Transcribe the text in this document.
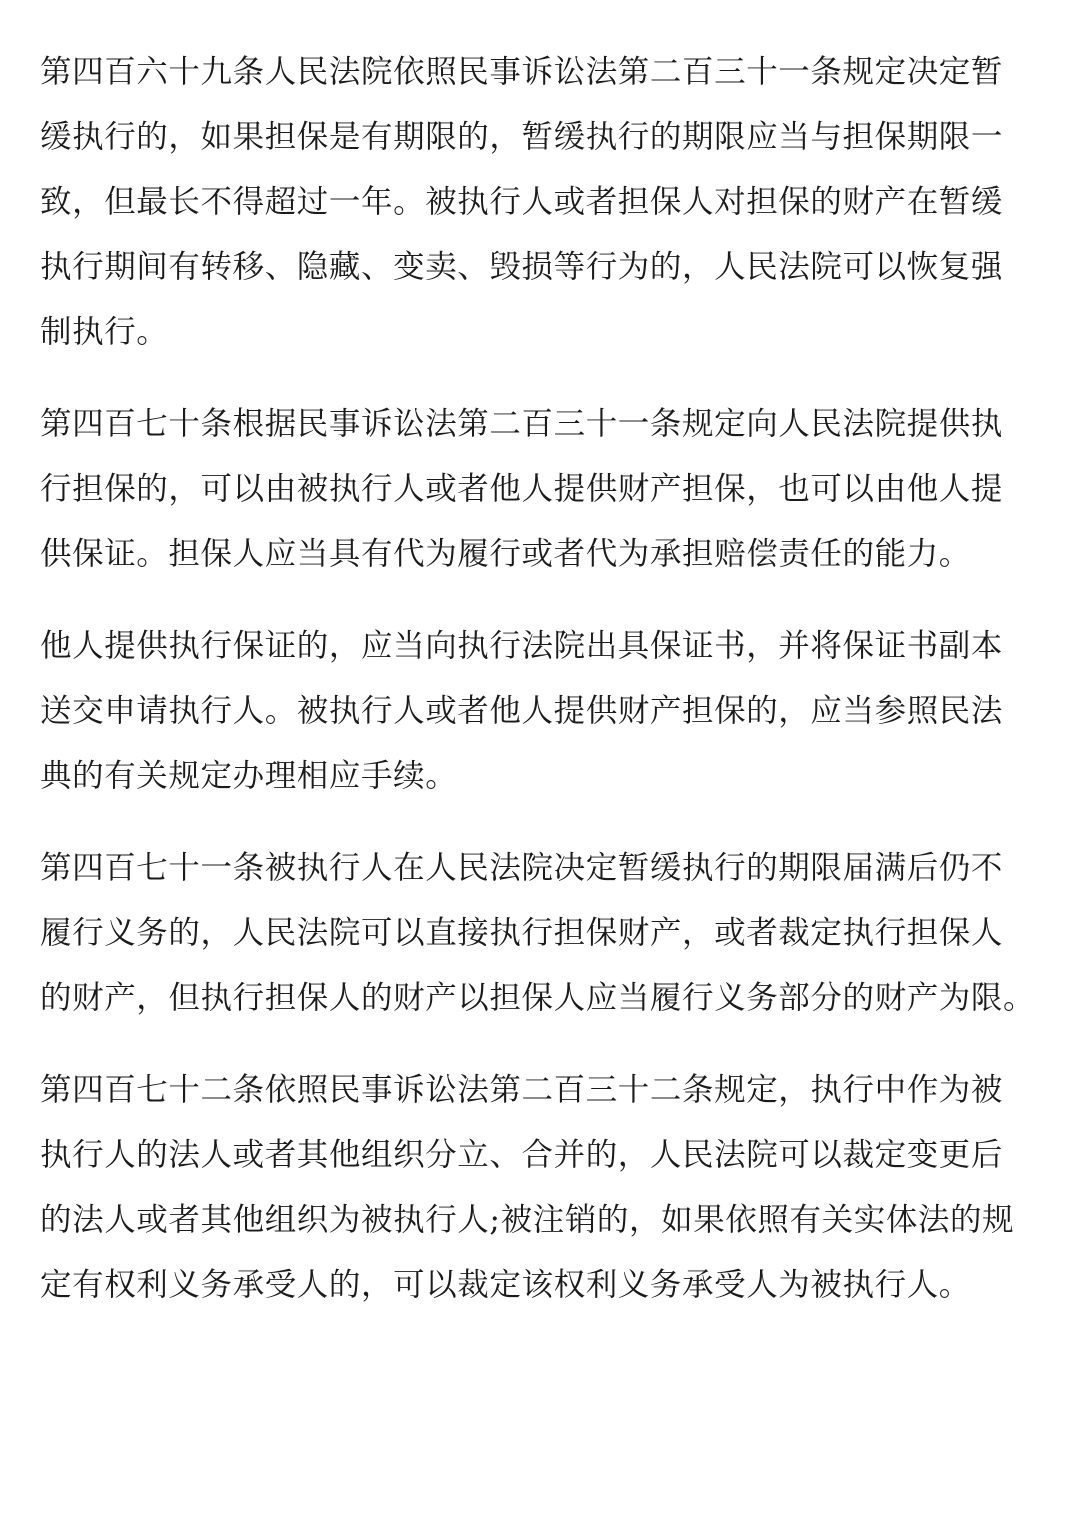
第四百六十九条人民法院依照民事诉讼法第二百三十一条规定决定暂
缓执行的，如果担保是有期限的，暂缓执行的期限应当与担保期限一
致，但最长不得超过一年。被执行人或者担保人对担保的财产在暂缓
执行期间有转移、隐藏、变卖、毁损等行为的，人民法院可以恢复强
制执行。

第四百七十条根据民事诉讼法第二百三十一条规定向人民法院提供执
行担保的，可以由被执行人或者他人提供财产担保，也可以由他人提
供保证。担保人应当具有代为履行或者代为承担赔偿责任的能力。

他人提供执行保证的，应当向执行法院出具保证书，并将保证书副本
送交申请执行人。被执行人或者他人提供财产担保的，应当参照民法
典的有关规定办理相应手续。

第四百七十一条被执行人在人民法院决定暂缓执行的期限届满后仍不
履行义务的，人民法院可以直接执行担保财产，或者裁定执行担保人
的财产，但执行担保人的财产以担保人应当履行义务部分的财产为限。

第四百七十二条依照民事诉讼法第二百三十二条规定，执行中作为被
执行人的法人或者其他组织分立、合并的，人民法院可以裁定变更后
的法人或者其他组织为被执行人;被注销的，如果依照有关实体法的规
定有权利义务承受人的，可以裁定该权利义务承受人为被执行人。
